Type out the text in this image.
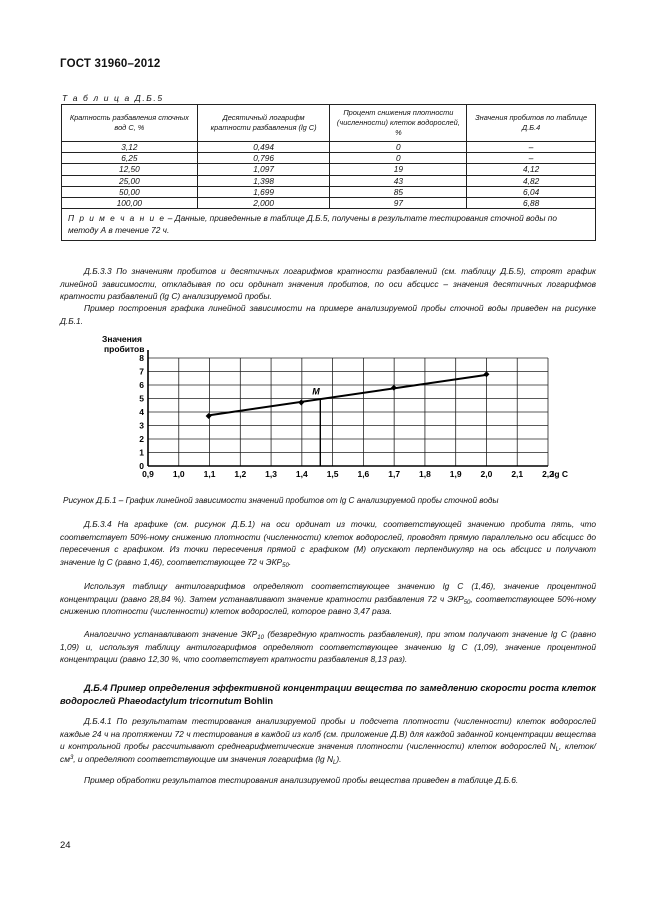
ГОСТ 31960–2012
Т а б л и ц а Д.Б.5
Кратность разбавления сточных вод C, %	Десятичный логарифм кратности разбавления (lg C)	Процент снижения плотности (численности) клеток водорослей, %	Значения пробитов по таблице Д.Б.4
3,12	0,494	0	–
6,25	0,796	0	–
12,50	1,097	19	4,12
25,00	1,398	43	4,82
50,00	1,699	85	6,04
100,00	2,000	97	6,88
П р и м е ч а н и е – Данные, приведенные в таблице Д.Б.5, получены в результате тестирования сточной воды по методу А в течение 72 ч.			
Д.Б.3.3 По значениям пробитов и десятичных логарифмов кратности разбавлений (см. таблицу Д.Б.5), строят график линейной зависимости, откладывая по оси ординат значения пробитов, по оси абсцисс – значения десятичных логарифмов кратности разбавлений (lg C) анализируемой пробы.
Пример построения графика линейной зависимости на примере анализируемой пробы сточной воды приведен на рисунке Д.Б.1.
0
1
2
3
4
5
6
7
8
0,9 1,0 1,1 1,2 1,3 1,4 1,5 1,6 1,7 1,8 1,9 2,0 2,1 2,2
Значения
пробитов
lg C
M
Рисунок Д.Б.1 – График линейной зависимости значений пробитов от lg C анализируемой пробы сточной воды
Д.Б.3.4 На графике (см. рисунок Д.Б.1) на оси ординат из точки, соответствующей значению пробита пять, что соответствует 50%-ному снижению плотности (численности) клеток водорослей, проводят прямую параллельно оси абсцисс до пересечения с графиком. Из точки пересечения прямой с графиком (M) опускают перпендикуляр на ось абсцисс и получают значение lg C (равно 1,46), соответствующее 72 ч $ЭКР_{50}$.
Используя таблицу антилогарифмов определяют соответствующее значению lg C (1,46), значение процентной концентрации (равно 28,84 %). Затем устанавливают значение кратности разбавления 72 ч $ЭКР_{50}$, соответствующее 50%-ному снижению плотности (численности) клеток водорослей, которое равно 3,47 раза.
Аналогично устанавливают значение $ЭКР_{10}$ (безвредную кратность разбавления), при этом получают значение lg C (равно 1,09) и, используя таблицу антилогарифмов определяют соответствующее значению lg C (1,09), значение процентной концентрации (равно 12,30 %, что соответствует кратности разбавления 8,13 раз).
Д.Б.4 Пример определения эффективной концентрации вещества по замедлению скорости роста клеток водорослей Phaeodactylum tricornutum Bohlin
Д.Б.4.1 По результатам тестирования анализируемой пробы и подсчета плотности (численности) клеток водорослей каждые 24 ч на протяжении 72 ч тестирования в каждой из колб (см. приложение Д.В) для каждой заданной концентрации вещества и контрольной пробы рассчитывают среднеарифметические значения плотности (численности) клеток водорослей $N_L$, клеток/$см^3$, и определяют соответствующие им значения логарифма (lg $N_L$).
Пример обработки результатов тестирования анализируемой пробы вещества приведен в таблице Д.Б.6.
24
